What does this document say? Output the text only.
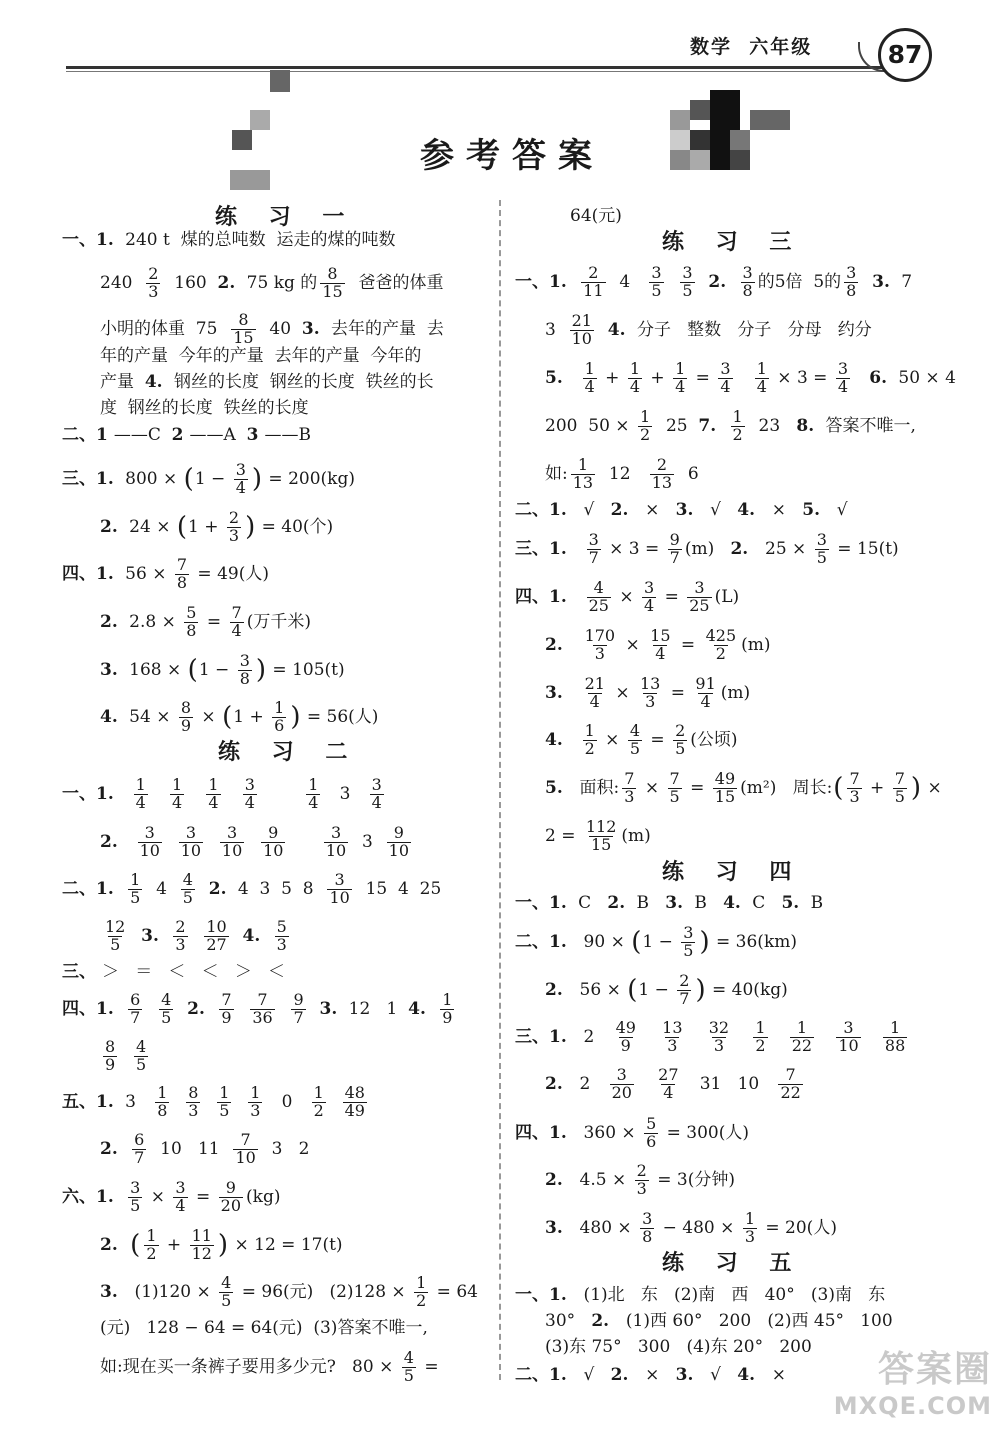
数学  六年级	87
参考答案
练 习 一
一、1. 240 t  煤的总吨数  运走的煤的吨数
$240 \frac{2}{3} 160$ 2. 75 kg 的 $\frac{8}{15}$ 爸爸的体重
小明的体重  $75 \frac{8}{15} 40$ 3. 去年的产量  去
年的产量  今年的产量  去年的产量  今年的
产量 4. 钢丝的长度  钢丝的长度  铁丝的长
度  钢丝的长度  铁丝的长度
二、1 ——C 2 ——A 3 ——B
三、1. 800 × ( $1 - \frac{3}{4}$ ) = 200(kg)
2. 24 × ( $1 + \frac{2}{3}$ ) = 40(个)
四、1. $56 \times \frac{7}{8} = 49$(人)
2. $2.8 \times \frac{5}{8} = \frac{7}{4}$ (万千米)
3. 168 × ( $1 - \frac{3}{8}$ ) = 105(t)
4. $54 \times \frac{8}{9}$ × ( $1 + \frac{1}{6}$ ) = 56(人)
练 习 二
一、1.
$\frac{1}{4}$
$\frac{1}{4}$
$\frac{1}{4}$
$\frac{3}{4}$
	$\frac{1}{4} 3 \frac{3}{4}$
2.
$\frac{3}{10}$
$\frac{3}{10}$
$\frac{3}{10}$
$\frac{9}{10}$
$\frac{3}{10} 3 \frac{9}{10}$
二、1.
$\frac{1}{5} 4 \frac{4}{5}$
2. 4  3  5  $8 \frac{3}{10} 15$  4  25
$\frac{12}{5}$
3.
$\frac{2}{3}$
$\frac{10}{27}$
4.
$\frac{5}{3}$
三、 ＞   ＝   ＜   ＜   ＞   ＜
四、1.
$\frac{6}{7}$
$\frac{4}{5}$
2.
$\frac{7}{9}$
$\frac{7}{36}$
$\frac{9}{7}$
3. 12   1 4.
$\frac{1}{9}$
$\frac{8}{9}$
$\frac{4}{5}$
五、1. $3 \frac{1}{8}$
$\frac{8}{3}$
$\frac{1}{5}$
$\frac{1}{3} 0 \frac{1}{2}$
$\frac{48}{49}$
2.
$\frac{6}{7} 10$   $11 \frac{7}{10} 3$   2
六、1.
$\frac{3}{5} \times \frac{3}{4} = \frac{9}{20} (kg)$
2.
( $\frac{1}{2} + \frac{11}{12}$ ) × 12 = 17(t)
3. $(1)120 \times \frac{4}{5} = 96$(元)   $(2)128 \times \frac{1}{2} = 64$
(元)   128 − 64 = 64(元)  (3)答案不唯一,
如:现在买一条裤子要用多少元?   $80 \times \frac{4}{5}$ =
64(元)
练 习 三
一、1.
$\frac{2}{11} 4 \frac{3}{5}$
$\frac{3}{5}$
2.
$\frac{3}{8}$ 的5倍  5的 $\frac{3}{8}$
3. 7
$3 \frac{21}{10}$
4. 分子   整数   分子   分母   约分
5.
$\frac{1}{4} + \frac{1}{4} + \frac{1}{4} = \frac{3}{4}$
$\frac{1}{4} \times 3 = \frac{3}{4}$
6. 50 × 4
200  $50 \times \frac{1}{2} 25$ 7.
$\frac{1}{2} 23$ 8. 答案不唯一,
如: $\frac{1}{13} 12 \frac{2}{13} 6$
二、1. √ 2. × 3. √ 4. × 5. √
三、1.
$\frac{3}{7} \times 3 = \frac{9}{7} (m)$ 2. $25 \times \frac{3}{5} = 15(t)$
四、1.
$\frac{4}{25} \times \frac{3}{4} = \frac{3}{25} (L)$
2.
$\frac{170}{3} \times \frac{15}{4} = \frac{425}{2} (m)$
3.
$\frac{21}{4} \times \frac{13}{3} = \frac{91}{4} (m)$
4.
$\frac{1}{2} \times \frac{4}{5} = \frac{2}{5}$ (公顷)
5. 面积: $\frac{7}{3} \times \frac{7}{5} = \frac{49}{15} (m^2)$   周长: ( $\frac{7}{3} + \frac{7}{5}$ ) ×
$2 = \frac{112}{15} (m)$
练 习 四
一、1. C 2. B 3. B 4. C 5. B
二、1. 90 × ( $1 - \frac{3}{5}$ ) = 36(km)
2. 56 × ( $1 - \frac{2}{7}$ ) = 40(kg)
三、1. $2 \frac{49}{9}$
$\frac{13}{3}$
$\frac{32}{3}$
$\frac{1}{2}$
$\frac{1}{22}$
$\frac{3}{10}$
$\frac{1}{88}$
2. $2 \frac{3}{20}$
$\frac{27}{4} 31$   $10 \frac{7}{22}$
四、1. $360 \times \frac{5}{6} = 300$(人)
2. $4.5 \times \frac{2}{3} = 3$(分钟)
3. $480 \times \frac{3}{8} - 480 \times \frac{1}{3} = 20$(人)
练 习 五
一、1. (1)北   东   (2)南   西   40°   (3)南   东
30° 2. (1)西 60°   200   (2)西 45°   100
(3)东 75°   300   (4)东 20°   200
二、1. √ 2. × 3. √ 4. ×	答案圈
MXQE.COM
